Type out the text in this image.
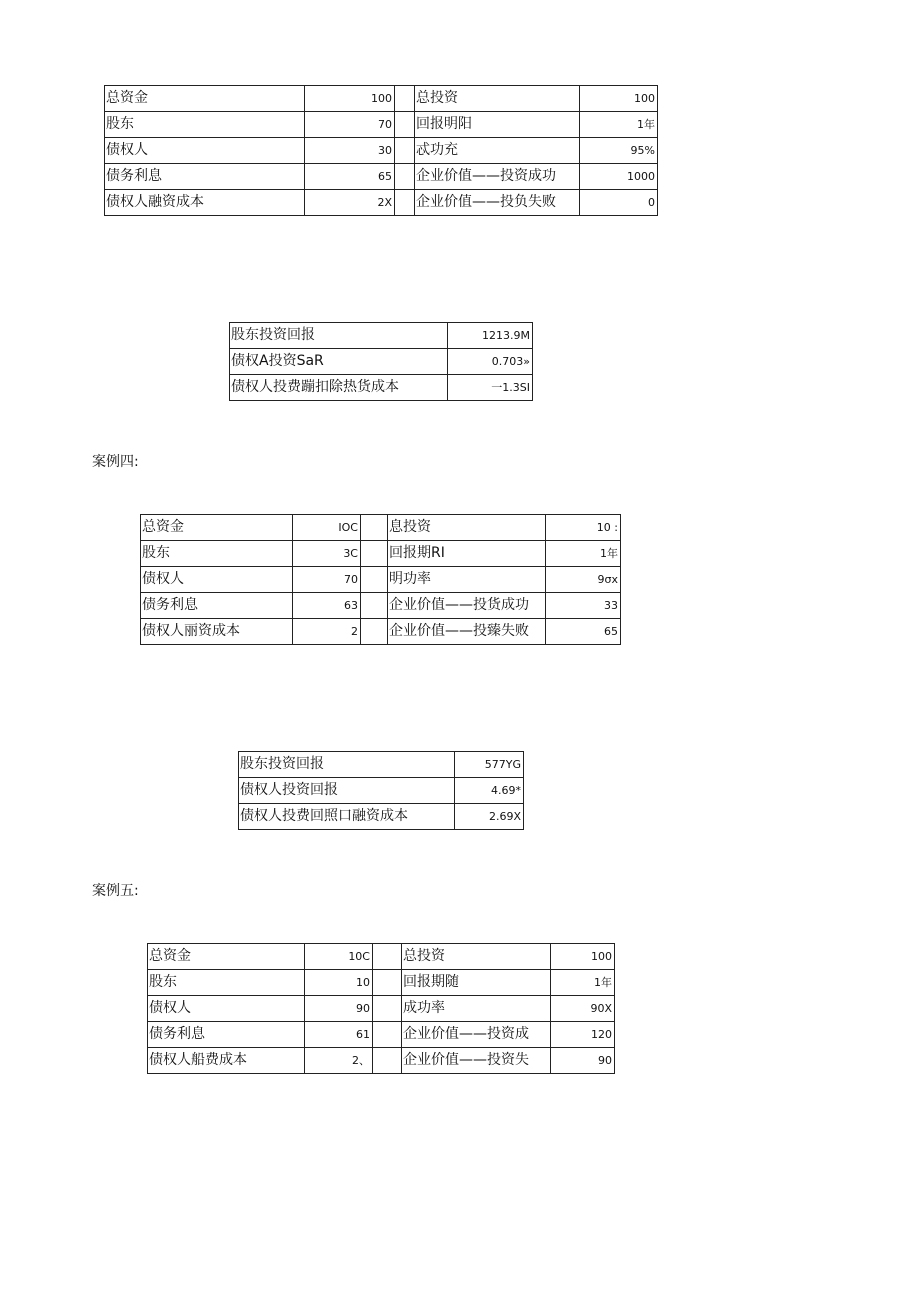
总资金	100		总投资	100
股东	70		回报明阳	1年
债权人	30		忒功充	95%
债务利息	65		企业价值——投资成功	1000
债权人融资成本	2X		企业价值——投负失败	0
股东投资回报	1213.9M
债权A投资SaR	0.703»
债权人投费蹦扣除热货成本	一1.3SI
案例四:
总资金	IOC		息投资	10 :
股东	3C		回报期RI	1年
债权人	70		明功率	9σx
债务利息	63		企业价值——投货成功	33
债权人丽资成本	2		企业价值——投臻失败	65
股东投资回报	577YG
债权人投资回报	4.69*
债权人投费回照口融资成本	2.69X
案例五:
总资金	10C		总投资	100
股东	10		回报期随	1年
债权人	90		成功率	90X
债务利息	61		企业价值——投资成	120
债权人船费成本	2、		企业价值——投资失	90
